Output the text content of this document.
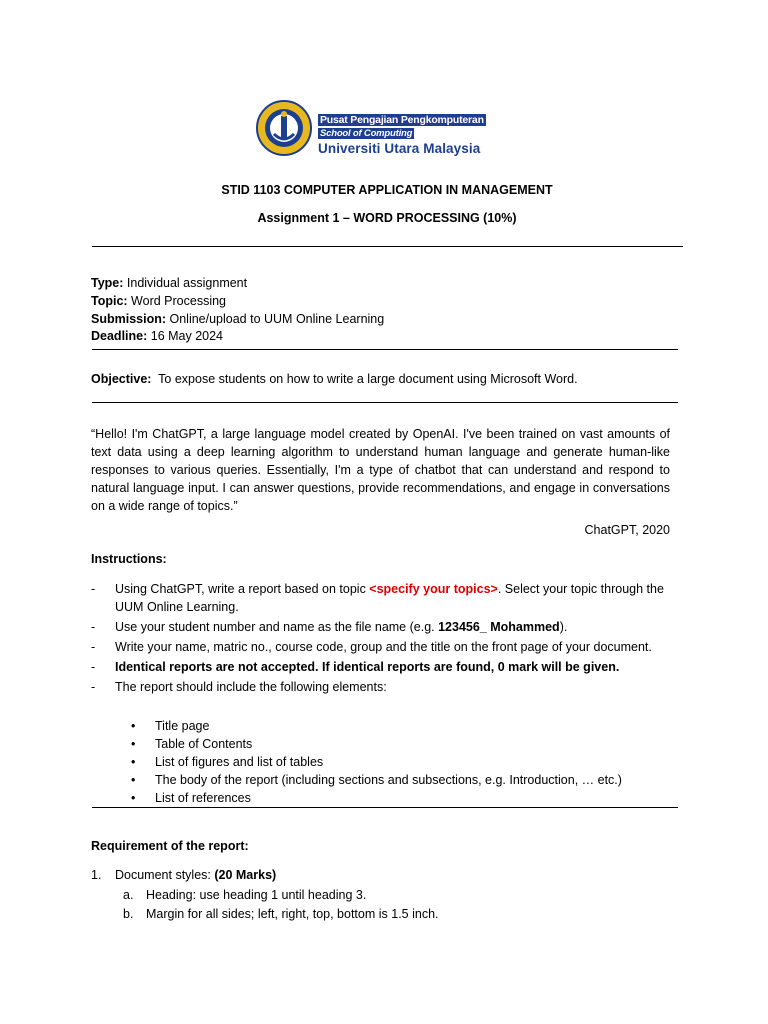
Pusat Pengajian Pengkomputeran
School of Computing
Universiti Utara Malaysia
STID 1103 COMPUTER APPLICATION IN MANAGEMENT
Assignment 1 – WORD PROCESSING (10%)
Type: Individual assignment
Topic: Word Processing
Submission: Online/upload to UUM Online Learning
Deadline: 16 May 2024
Objective:  To expose students on how to write a large document using Microsoft Word.
“Hello! I'm ChatGPT, a large language model created by OpenAI. I've been trained on vast amounts of text data using a deep learning algorithm to understand human language and generate human-like responses to various queries. Essentially, I'm a type of chatbot that can understand and respond to natural language input. I can answer questions, provide recommendations, and engage in conversations on a wide range of topics.”
ChatGPT, 2020
Instructions:
- Using ChatGPT, write a report based on topic <specify your topics>. Select your topic through the UUM Online Learning.
- Use your student number and name as the file name (e.g. 123456_ Mohammed).
- Write your name, matric no., course code, group and the title on the front page of your document.
- Identical reports are not accepted. If identical reports are found, 0 mark will be given.
- The report should include the following elements:
• Title page
• Table of Contents
• List of figures and list of tables
• The body of the report (including sections and subsections, e.g. Introduction, … etc.)
• List of references
Requirement of the report:
1. Document styles: (20 Marks)
a. Heading: use heading 1 until heading 3.
b. Margin for all sides; left, right, top, bottom is 1.5 inch.
